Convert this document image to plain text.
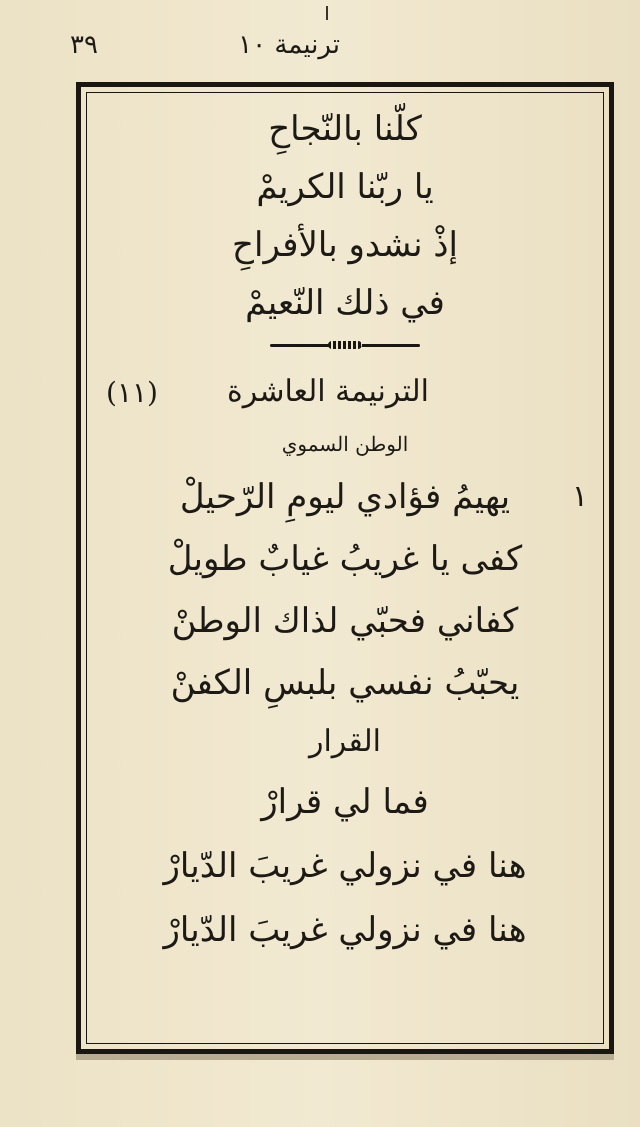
ترنيمة ١٠
٣٩
كلّنا بالنّجاحِ
يا ربّنا الكريمْ
إذْ نشدو بالأفراحِ
في ذلك النّعيمْ
الترنيمة العاشرة
(١١)
الوطن السموي
١
يهيمُ فؤادي ليومِ الرّحيلْ
كفى يا غريبُ غيابٌ طويلْ
كفاني فحبّي لذاك الوطنْ
يحبّبُ نفسي بلبسِ الكفنْ
القرار
فما لي قرارْ
هنا في نزولي غريبَ الدّيارْ
هنا في نزولي غريبَ الدّيارْ
